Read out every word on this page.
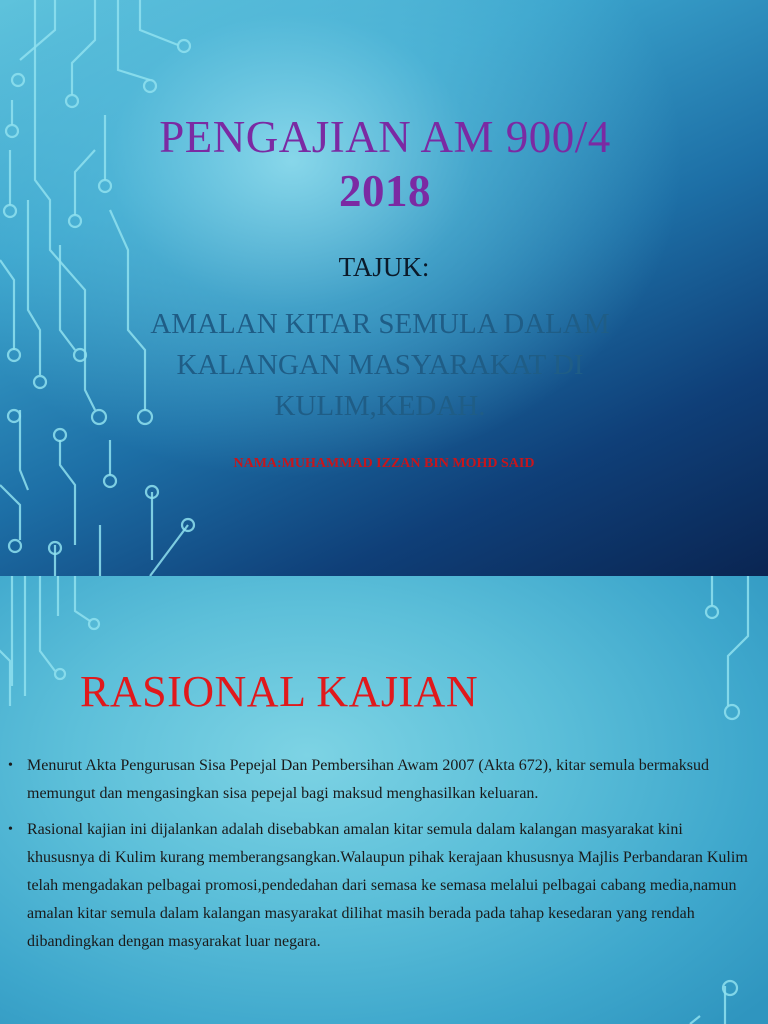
PENGAJIAN AM 900/4
2018
TAJUK:
AMALAN KITAR SEMULA DALAM
KALANGAN MASYARAKAT DI
KULIM,KEDAH.
NAMA:MUHAMMAD IZZAN BIN MOHD SAID
RASIONAL KAJIAN
• Menurut Akta Pengurusan Sisa Pepejal Dan Pembersihan Awam 2007 (Akta 672), kitar semula bermaksud memungut dan mengasingkan sisa pepejal bagi maksud menghasilkan keluaran.
• Rasional kajian ini dijalankan adalah disebabkan amalan kitar semula dalam kalangan masyarakat kini khususnya di Kulim kurang memberangsangkan.Walaupun pihak kerajaan khususnya Majlis Perbandaran Kulim telah mengadakan pelbagai promosi,pendedahan dari semasa ke semasa melalui pelbagai cabang media,namun amalan kitar semula dalam kalangan masyarakat dilihat masih berada pada tahap kesedaran yang rendah dibandingkan dengan masyarakat luar negara.
